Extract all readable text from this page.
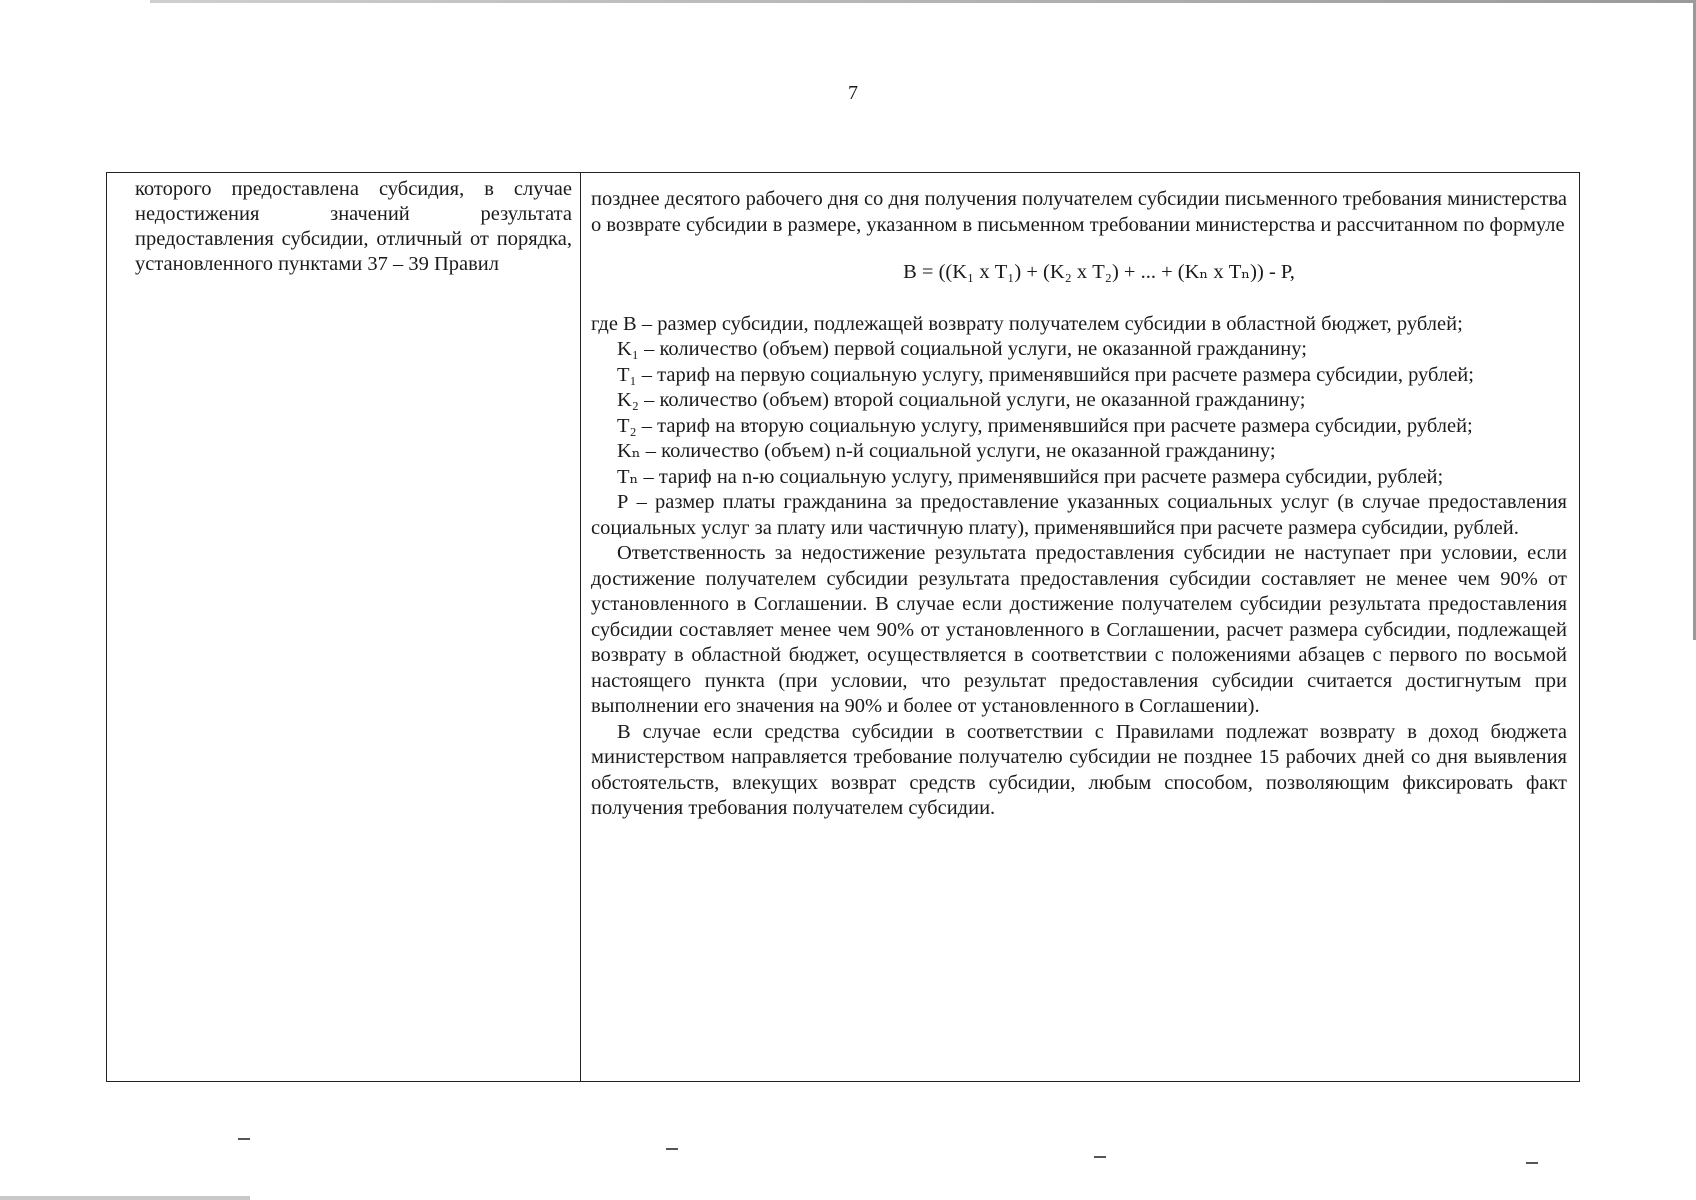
7
которого предоставлена субсидия, в случае недостижения значений результата предоставления субсидии, отличный от порядка, установленного пунктами 37 – 39 Правил

позднее десятого рабочего дня со дня получения получателем субсидии письменного требования министерства о возврате субсидии в размере, указанном в письменном требовании министерства и рассчитанном по формуле

В = ((K₁ х Т₁) + (K₂ х Т₂) + ... + (Kₙ х Тₙ)) - Р,

где В – размер субсидии, подлежащей возврату получателем субсидии в областной бюджет, рублей;

K₁ – количество (объем) первой социальной услуги, не оказанной гражданину;

Т₁ – тариф на первую социальную услугу, применявшийся при расчете размера субсидии, рублей;

K₂ – количество (объем) второй социальной услуги, не оказанной гражданину;

Т₂ – тариф на вторую социальную услугу, применявшийся при расчете размера субсидии, рублей;

Kₙ – количество (объем) n-й социальной услуги, не оказанной гражданину;

Тₙ – тариф на n-ю социальную услугу, применявшийся при расчете размера субсидии, рублей;

Р – размер платы гражданина за предоставление указанных социальных услуг (в случае предоставления социальных услуг за плату или частичную плату), применявшийся при расчете размера субсидии, рублей.

Ответственность за недостижение результата предоставления субсидии не наступает при условии, если достижение получателем субсидии результата предоставления субсидии составляет не менее чем 90% от установленного в Соглашении. В случае если достижение получателем субсидии результата предоставления субсидии составляет менее чем 90% от установленного в Соглашении, расчет размера субсидии, подлежащей возврату в областной бюджет, осуществляется в соответствии с положениями абзацев с первого по восьмой настоящего пункта (при условии, что результат предоставления субсидии считается достигнутым при выполнении его значения на 90% и более от установленного в Соглашении).

В случае если средства субсидии в соответствии с Правилами подлежат возврату в доход бюджета министерством направляется требование получателю субсидии не позднее 15 рабочих дней со дня выявления обстоятельств, влекущих возврат средств субсидии, любым способом, позволяющим фиксировать факт получения требования получателем субсидии.
